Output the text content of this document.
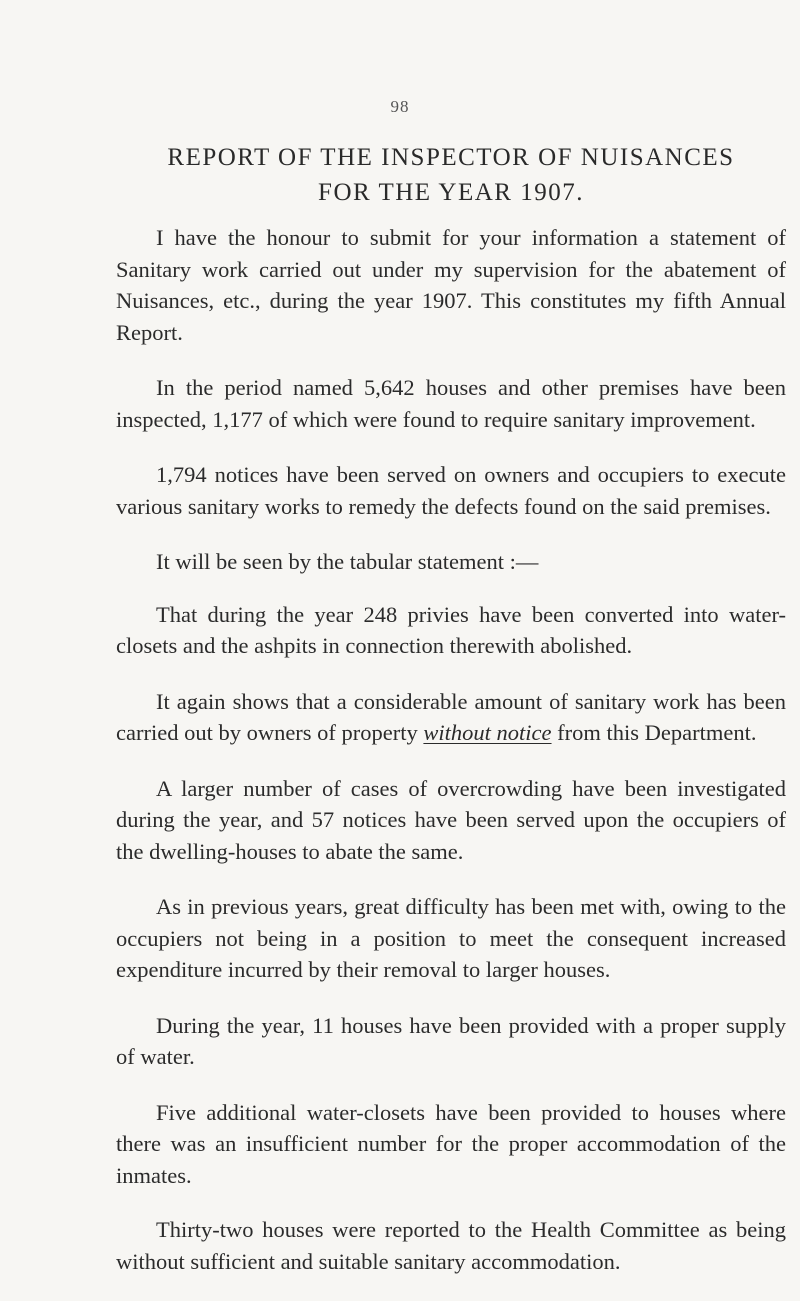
98
REPORT OF THE INSPECTOR OF NUISANCES
FOR THE YEAR 1907.

I have the honour to submit for your information a statement of Sanitary work carried out under my supervision for the abatement of Nuisances, etc., during the year 1907. This constitutes my fifth Annual Report.

In the period named 5,642 houses and other premises have been inspected, 1,177 of which were found to require sanitary improvement.

1,794 notices have been served on owners and occupiers to execute various sanitary works to remedy the defects found on the said premises.

It will be seen by the tabular statement :—

That during the year 248 privies have been converted into water-closets and the ashpits in connection therewith abolished.

It again shows that a considerable amount of sanitary work has been carried out by owners of property without notice from this Department.

A larger number of cases of overcrowding have been investigated during the year, and 57 notices have been served upon the occupiers of the dwelling-houses to abate the same.

As in previous years, great difficulty has been met with, owing to the occupiers not being in a position to meet the consequent increased expenditure incurred by their removal to larger houses.

During the year, 11 houses have been provided with a proper supply of water.

Five additional water-closets have been provided to houses where there was an insufficient number for the proper accommodation of the inmates.

Thirty-two houses were reported to the Health Committee as being without sufficient and suitable sanitary accommodation.
